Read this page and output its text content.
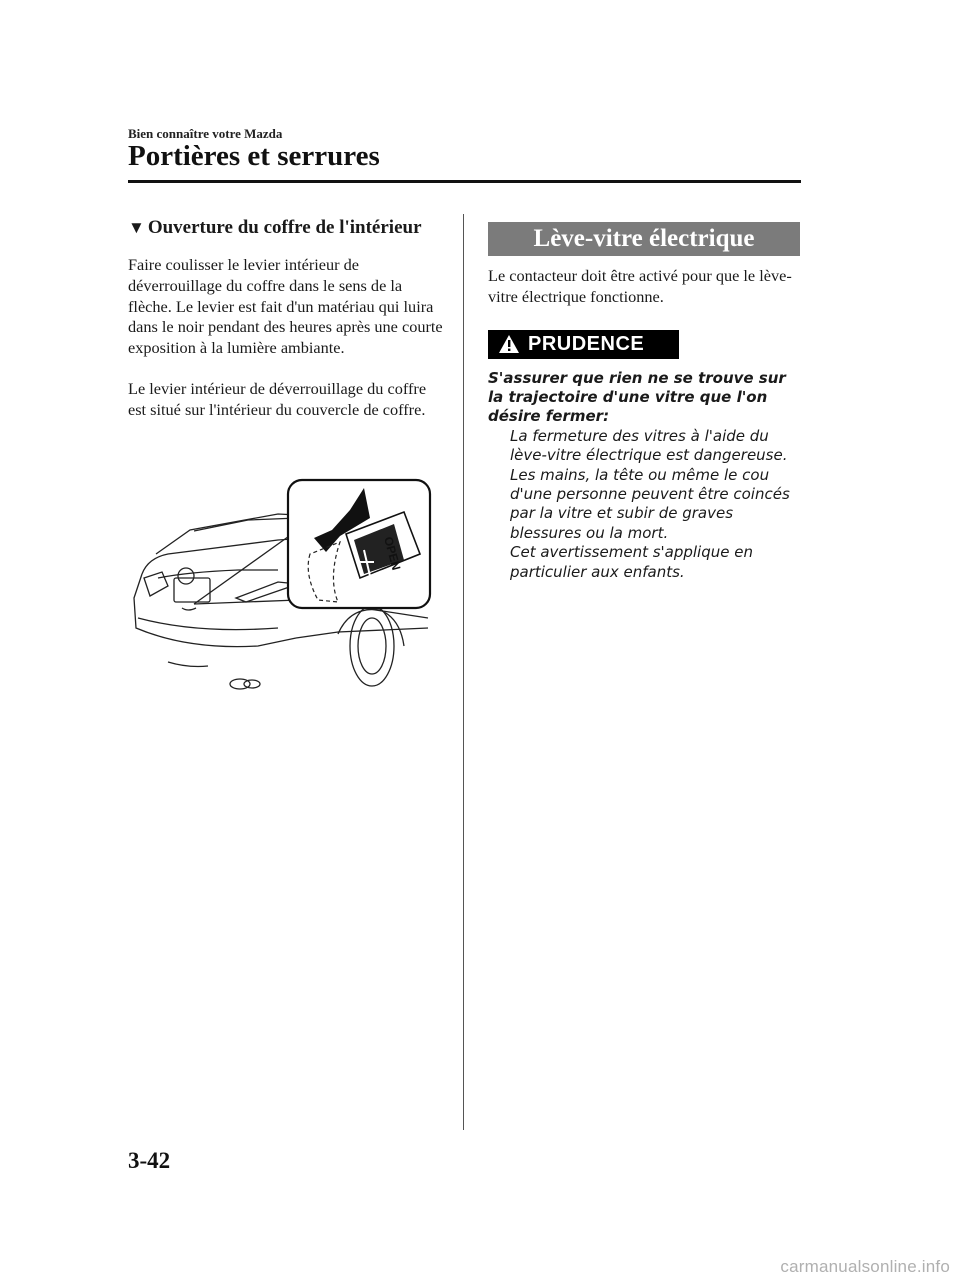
Bien connaître votre Mazda
Portières et serrures
▼ Ouverture du coffre de l'intérieur

Faire coulisser le levier intérieur de déverrouillage du coffre dans le sens de la flèche. Le levier est fait d'un matériau qui luira dans le noir pendant des heures après une courte exposition à la lumière ambiante.

Le levier intérieur de déverrouillage du coffre est situé sur l'intérieur du couvercle de coffre.

OPEN
Lève-vitre électrique

Le contacteur doit être activé pour que le lève-vitre électrique fonctionne.

PRUDENCE

S'assurer que rien ne se trouve sur la trajectoire d'une vitre que l'on désire fermer:

La fermeture des vitres à l'aide du lève-vitre électrique est dangereuse. Les mains, la tête ou même le cou d'une personne peuvent être coincés par la vitre et subir de graves blessures ou la mort.

Cet avertissement s'applique en particulier aux enfants.

3-42
carmanualsonline.info
